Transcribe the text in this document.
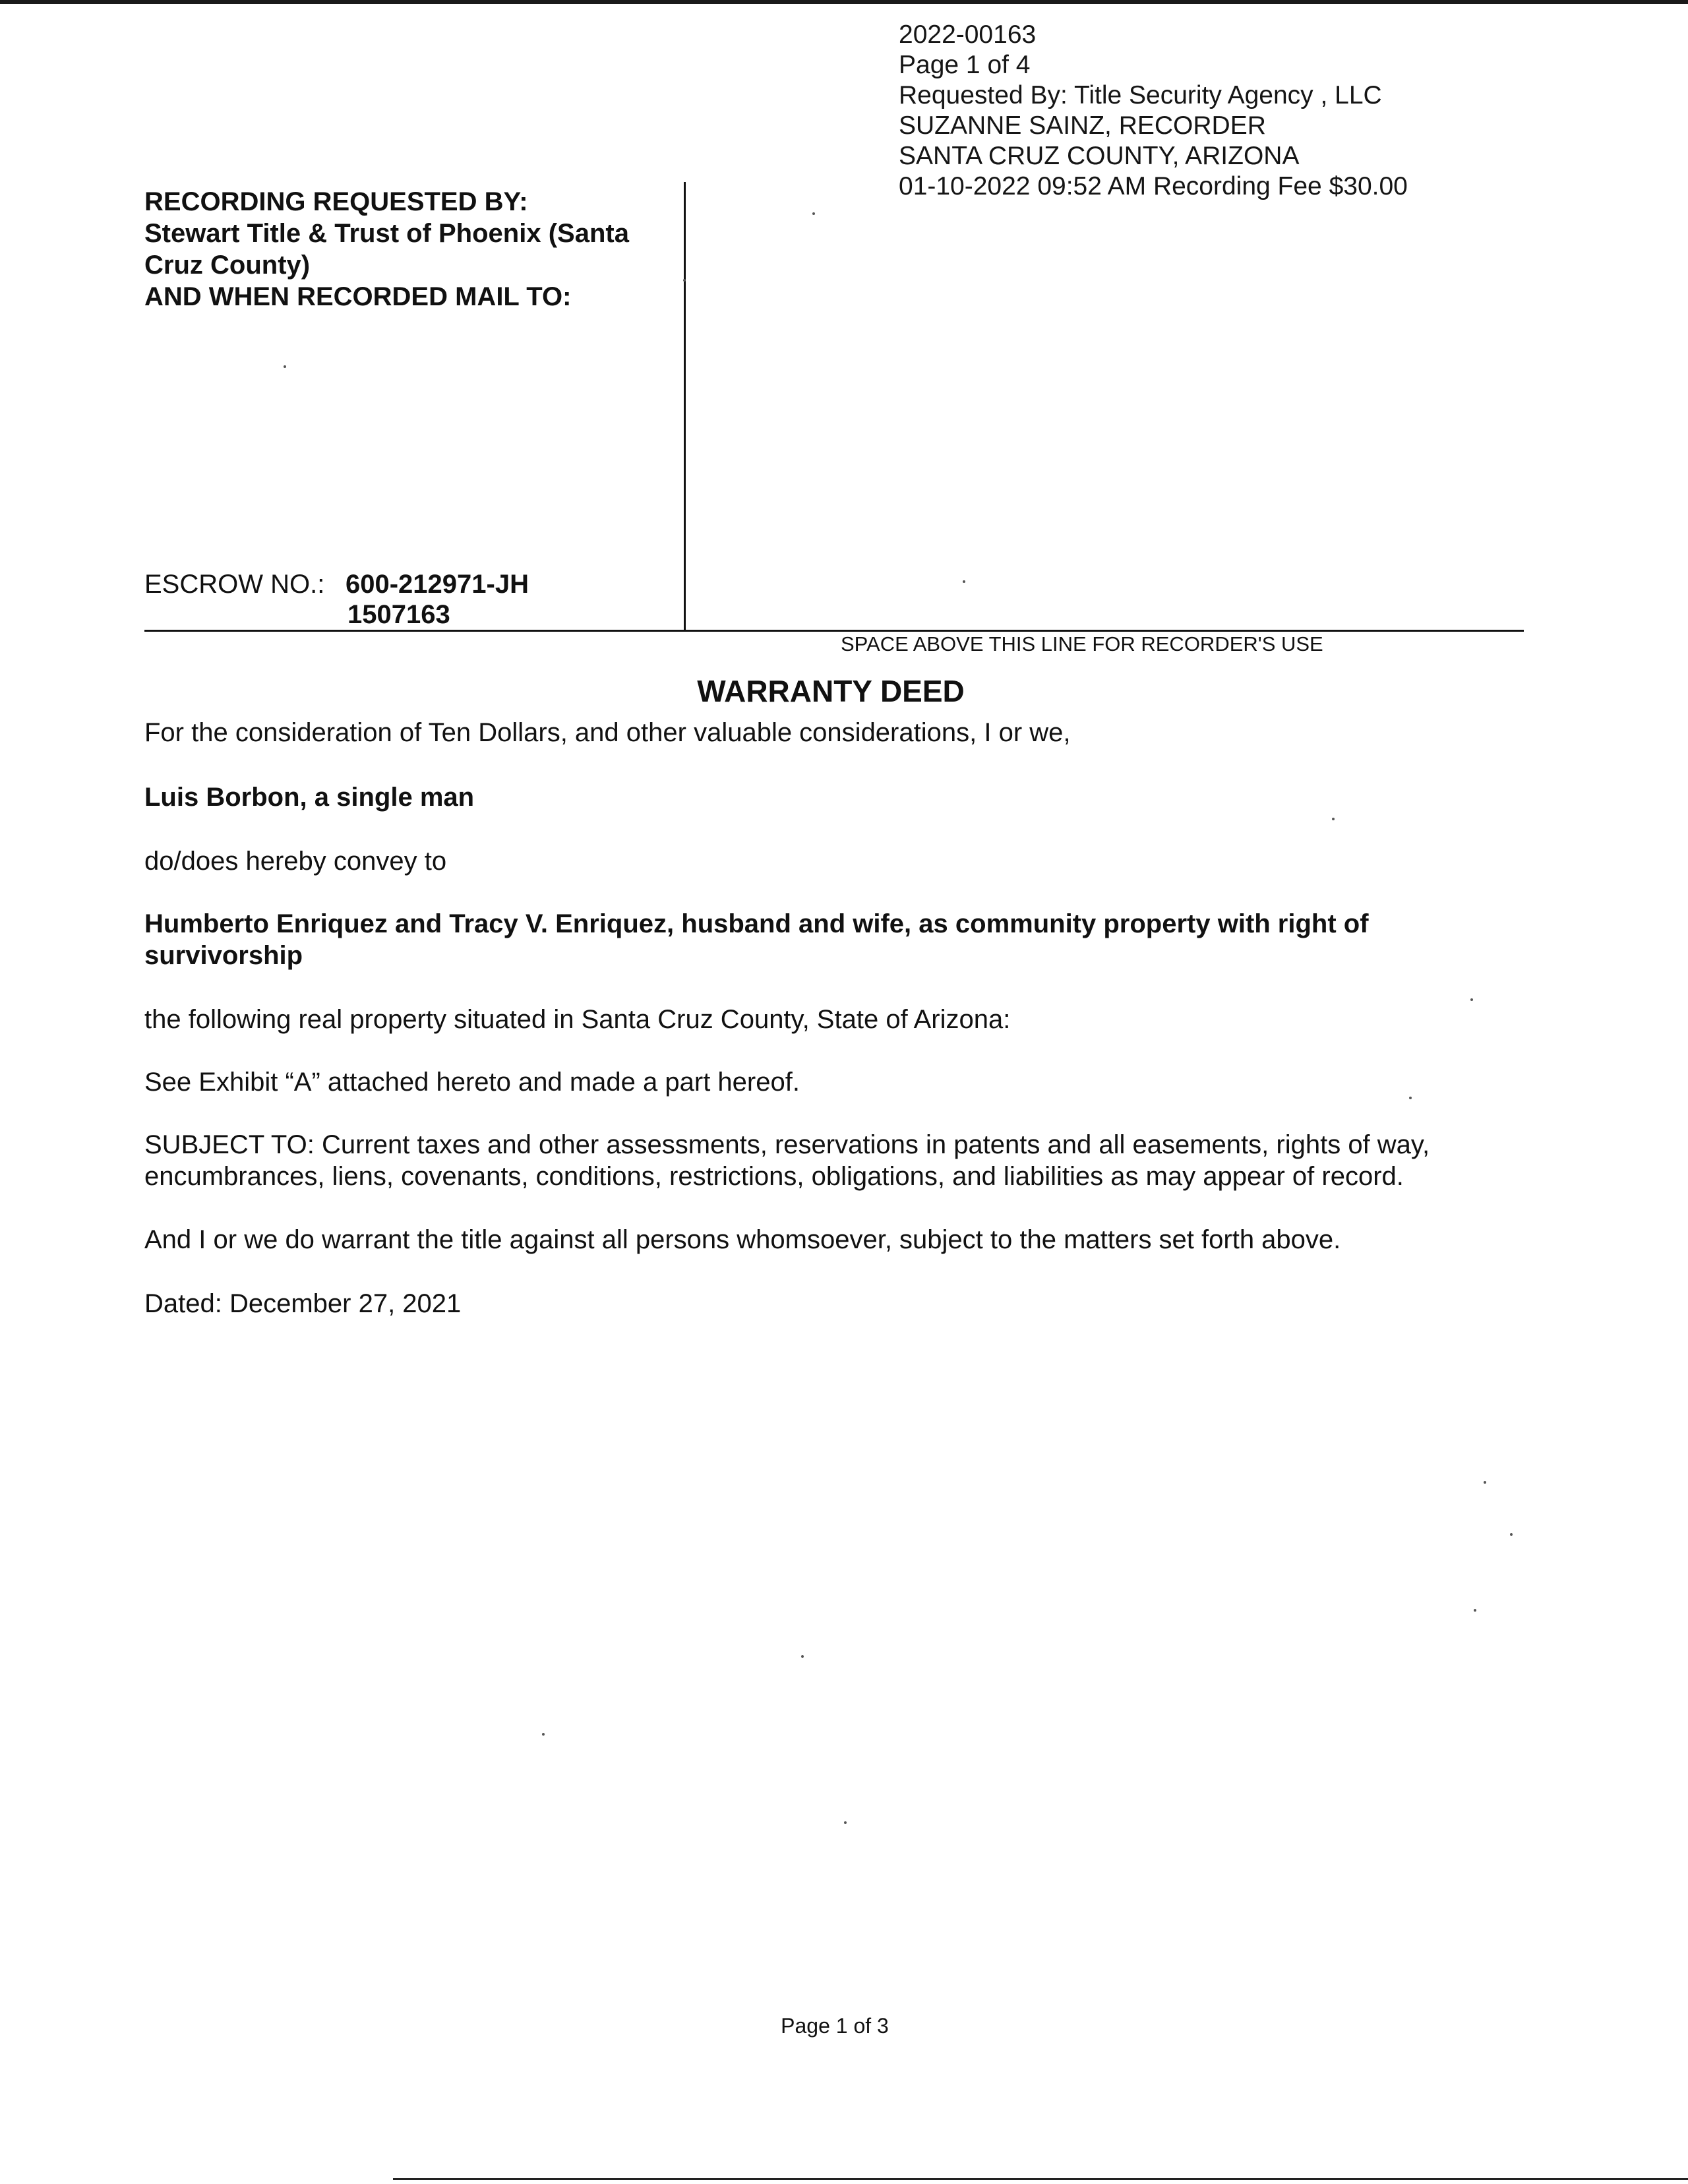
2022-00163
Page 1 of 4
Requested By: Title Security Agency , LLC
SUZANNE SAINZ, RECORDER
SANTA CRUZ COUNTY, ARIZONA
01-10-2022 09:52 AM Recording Fee $30.00
RECORDING REQUESTED BY:
Stewart Title & Trust of Phoenix (Santa
Cruz County)
AND WHEN RECORDED MAIL TO:
ESCROW NO.: 600-212971-JH
1507163
SPACE ABOVE THIS LINE FOR RECORDER'S USE
WARRANTY DEED
For the consideration of Ten Dollars, and other valuable considerations, I or we,
Luis Borbon, a single man
do/does hereby convey to
Humberto Enriquez and Tracy V. Enriquez, husband and wife, as community property with right of survivorship
the following real property situated in Santa Cruz County, State of Arizona:
See Exhibit “A” attached hereto and made a part hereof.
SUBJECT TO: Current taxes and other assessments, reservations in patents and all easements, rights of way, encumbrances, liens, covenants, conditions, restrictions, obligations, and liabilities as may appear of record.
And I or we do warrant the title against all persons whomsoever, subject to the matters set forth above.
Dated: December 27, 2021
Page 1 of 3
